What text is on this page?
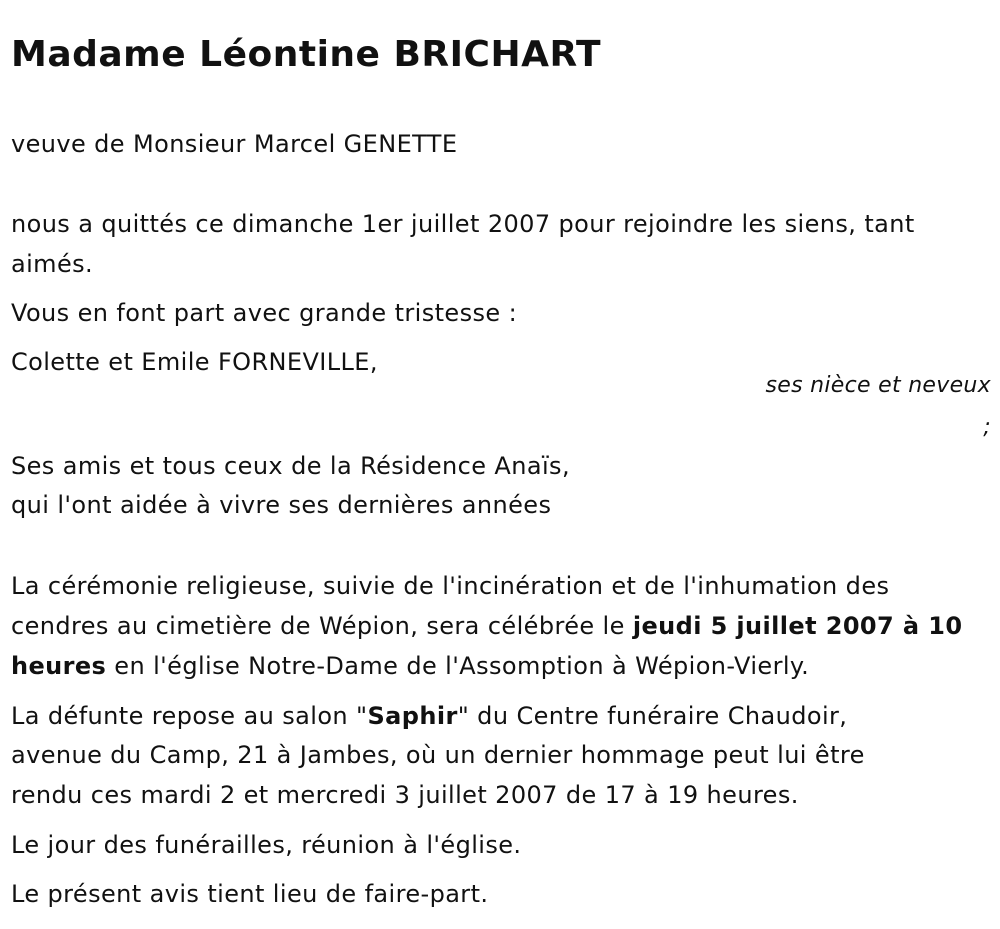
Madame Léontine BRICHART

veuve de Monsieur Marcel GENETTE

nous a quittés ce dimanche 1er juillet 2007 pour rejoindre les siens, tant

aimés.

Vous en font part avec grande tristesse :

Colette et Emile FORNEVILLE,

ses nièce et neveux

;

Ses amis et tous ceux de la Résidence Anaïs,

qui l'ont aidée à vivre ses dernières années

La cérémonie religieuse, suivie de l'incinération et de l'inhumation des

cendres au cimetière de Wépion, sera célébrée le jeudi 5 juillet 2007 à 10

heures en l'église Notre-Dame de l'Assomption à Wépion-Vierly.

La défunte repose au salon "Saphir" du Centre funéraire Chaudoir,

avenue du Camp, 21 à Jambes, où un dernier hommage peut lui être

rendu ces mardi 2 et mercredi 3 juillet 2007 de 17 à 19 heures.

Le jour des funérailles, réunion à l'église.

Le présent avis tient lieu de faire-part.
